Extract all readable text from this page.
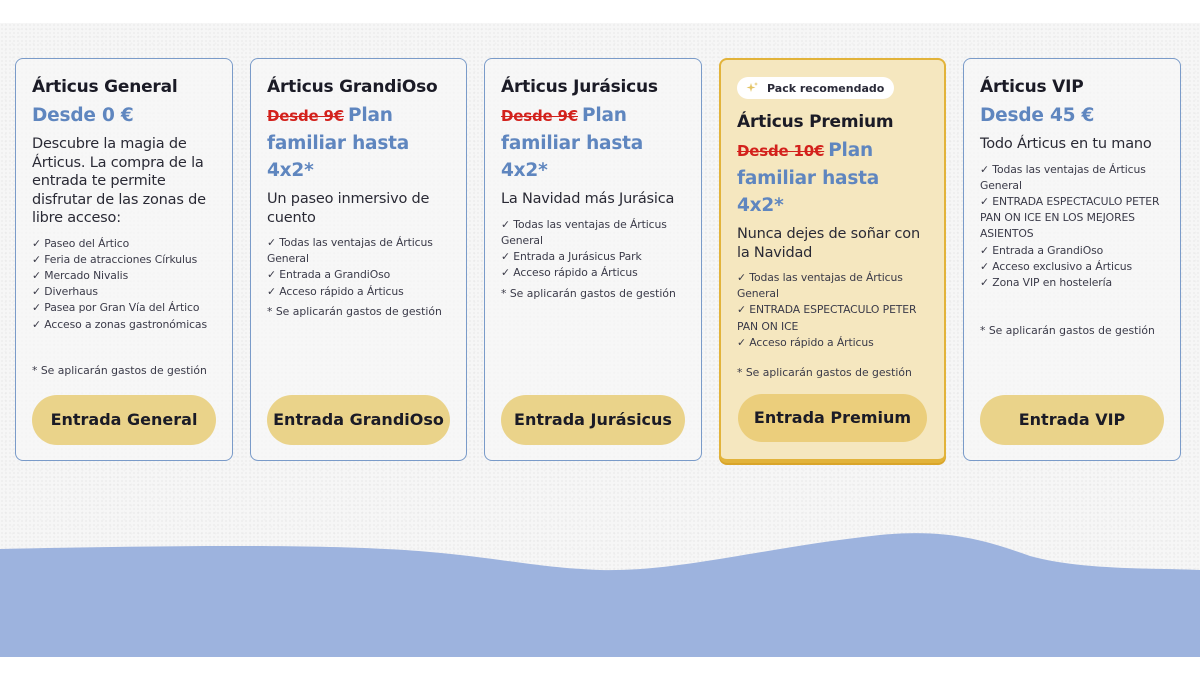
Árticus General
Desde 0 €
Descubre la magia de Árticus. La compra de la entrada te permite disfrutar de las zonas de libre acceso:
✓ Paseo del Ártico
✓ Feria de atracciones Církulus
✓ Mercado Nivalis
✓ Diverhaus
✓ Pasea por Gran Vía del Ártico
✓ Acceso a zonas gastronómicas
* Se aplicarán gastos de gestión
Entrada General
Árticus GrandiOso
Desde 9€ Plan familiar hasta 4x2*
Un paseo inmersivo de cuento
✓ Todas las ventajas de Árticus General
✓ Entrada a GrandiOso
✓ Acceso rápido a Árticus
* Se aplicarán gastos de gestión
Entrada GrandiOso
Árticus Jurásicus
Desde 9€ Plan familiar hasta 4x2*
La Navidad más Jurásica
✓ Todas las ventajas de Árticus General
✓ Entrada a Jurásicus Park
✓ Acceso rápido a Árticus
* Se aplicarán gastos de gestión
Entrada Jurásicus
Pack recomendado
Árticus Premium
Desde 10€ Plan familiar hasta 4x2*
Nunca dejes de soñar con la Navidad
✓ Todas las ventajas de Árticus General
✓ ENTRADA ESPECTACULO PETER PAN ON ICE
✓ Acceso rápido a Árticus
* Se aplicarán gastos de gestión
Entrada Premium
Árticus VIP
Desde 45 €
Todo Árticus en tu mano
✓ Todas las ventajas de Árticus General
✓ ENTRADA ESPECTACULO PETER PAN ON ICE EN LOS MEJORES ASIENTOS
✓ Entrada a GrandiOso
✓ Acceso exclusivo a Árticus
✓ Zona VIP en hostelería
* Se aplicarán gastos de gestión
Entrada VIP
